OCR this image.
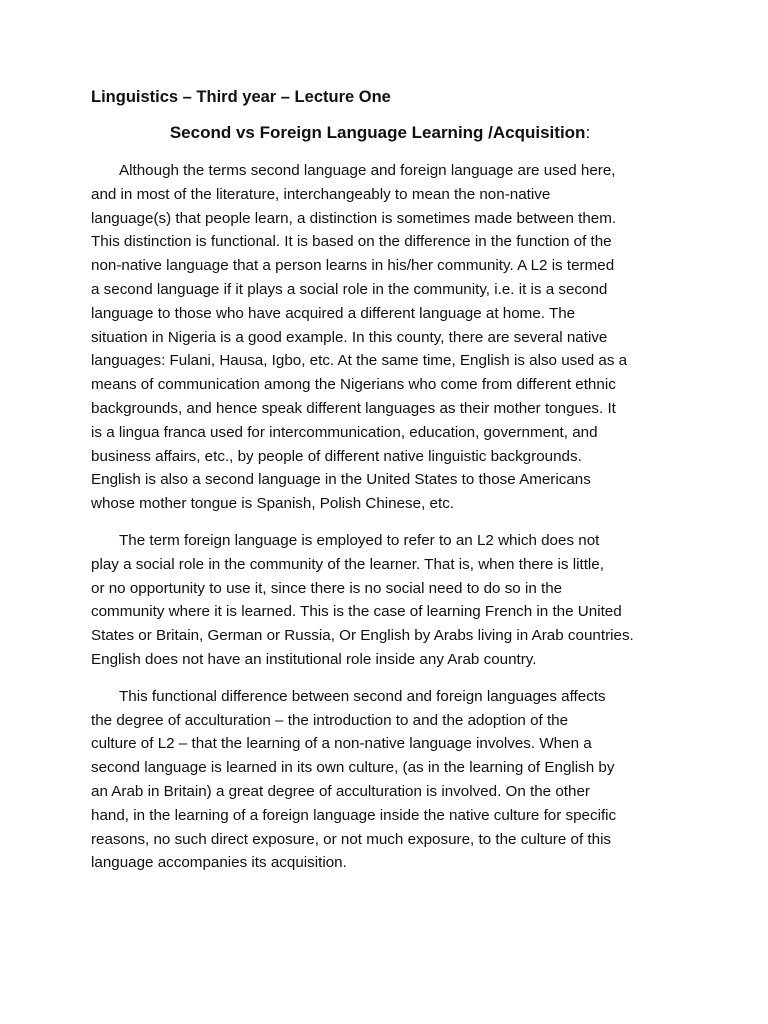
Linguistics – Third year – Lecture One
Second vs Foreign Language Learning /Acquisition:
Although the terms second language and foreign language are used here,
and in most of the literature, interchangeably to mean the non-native
language(s) that people learn, a distinction is sometimes made between them.
This distinction is functional. It is based on the difference in the function of the
non-native language that a person learns in his/her community. A L2 is termed
a second language if it plays a social role in the community, i.e. it is a second
language to those who have acquired a different language at home. The
situation in Nigeria is a good example. In this county, there are several native
languages: Fulani, Hausa, Igbo, etc. At the same time, English is also used as a
means of communication among the Nigerians who come from different ethnic
backgrounds, and hence speak different languages as their mother tongues. It
is a lingua franca used for intercommunication, education, government, and
business affairs, etc., by people of different native linguistic backgrounds.
English is also a second language in the United States to those Americans
whose mother tongue is Spanish, Polish Chinese, etc.
The term foreign language is employed to refer to an L2 which does not
play a social role in the community of the learner. That is, when there is little,
or no opportunity to use it, since there is no social need to do so in the
community where it is learned. This is the case of learning French in the United
States or Britain, German or Russia, Or English by Arabs living in Arab countries.
English does not have an institutional role inside any Arab country.
This functional difference between second and foreign languages affects
the degree of acculturation – the introduction to and the adoption of the
culture of L2 – that the learning of a non-native language involves. When a
second language is learned in its own culture, (as in the learning of English by
an Arab in Britain) a great degree of acculturation is involved. On the other
hand, in the learning of a foreign language inside the native culture for specific
reasons, no such direct exposure, or not much exposure, to the culture of this
language accompanies its acquisition.
